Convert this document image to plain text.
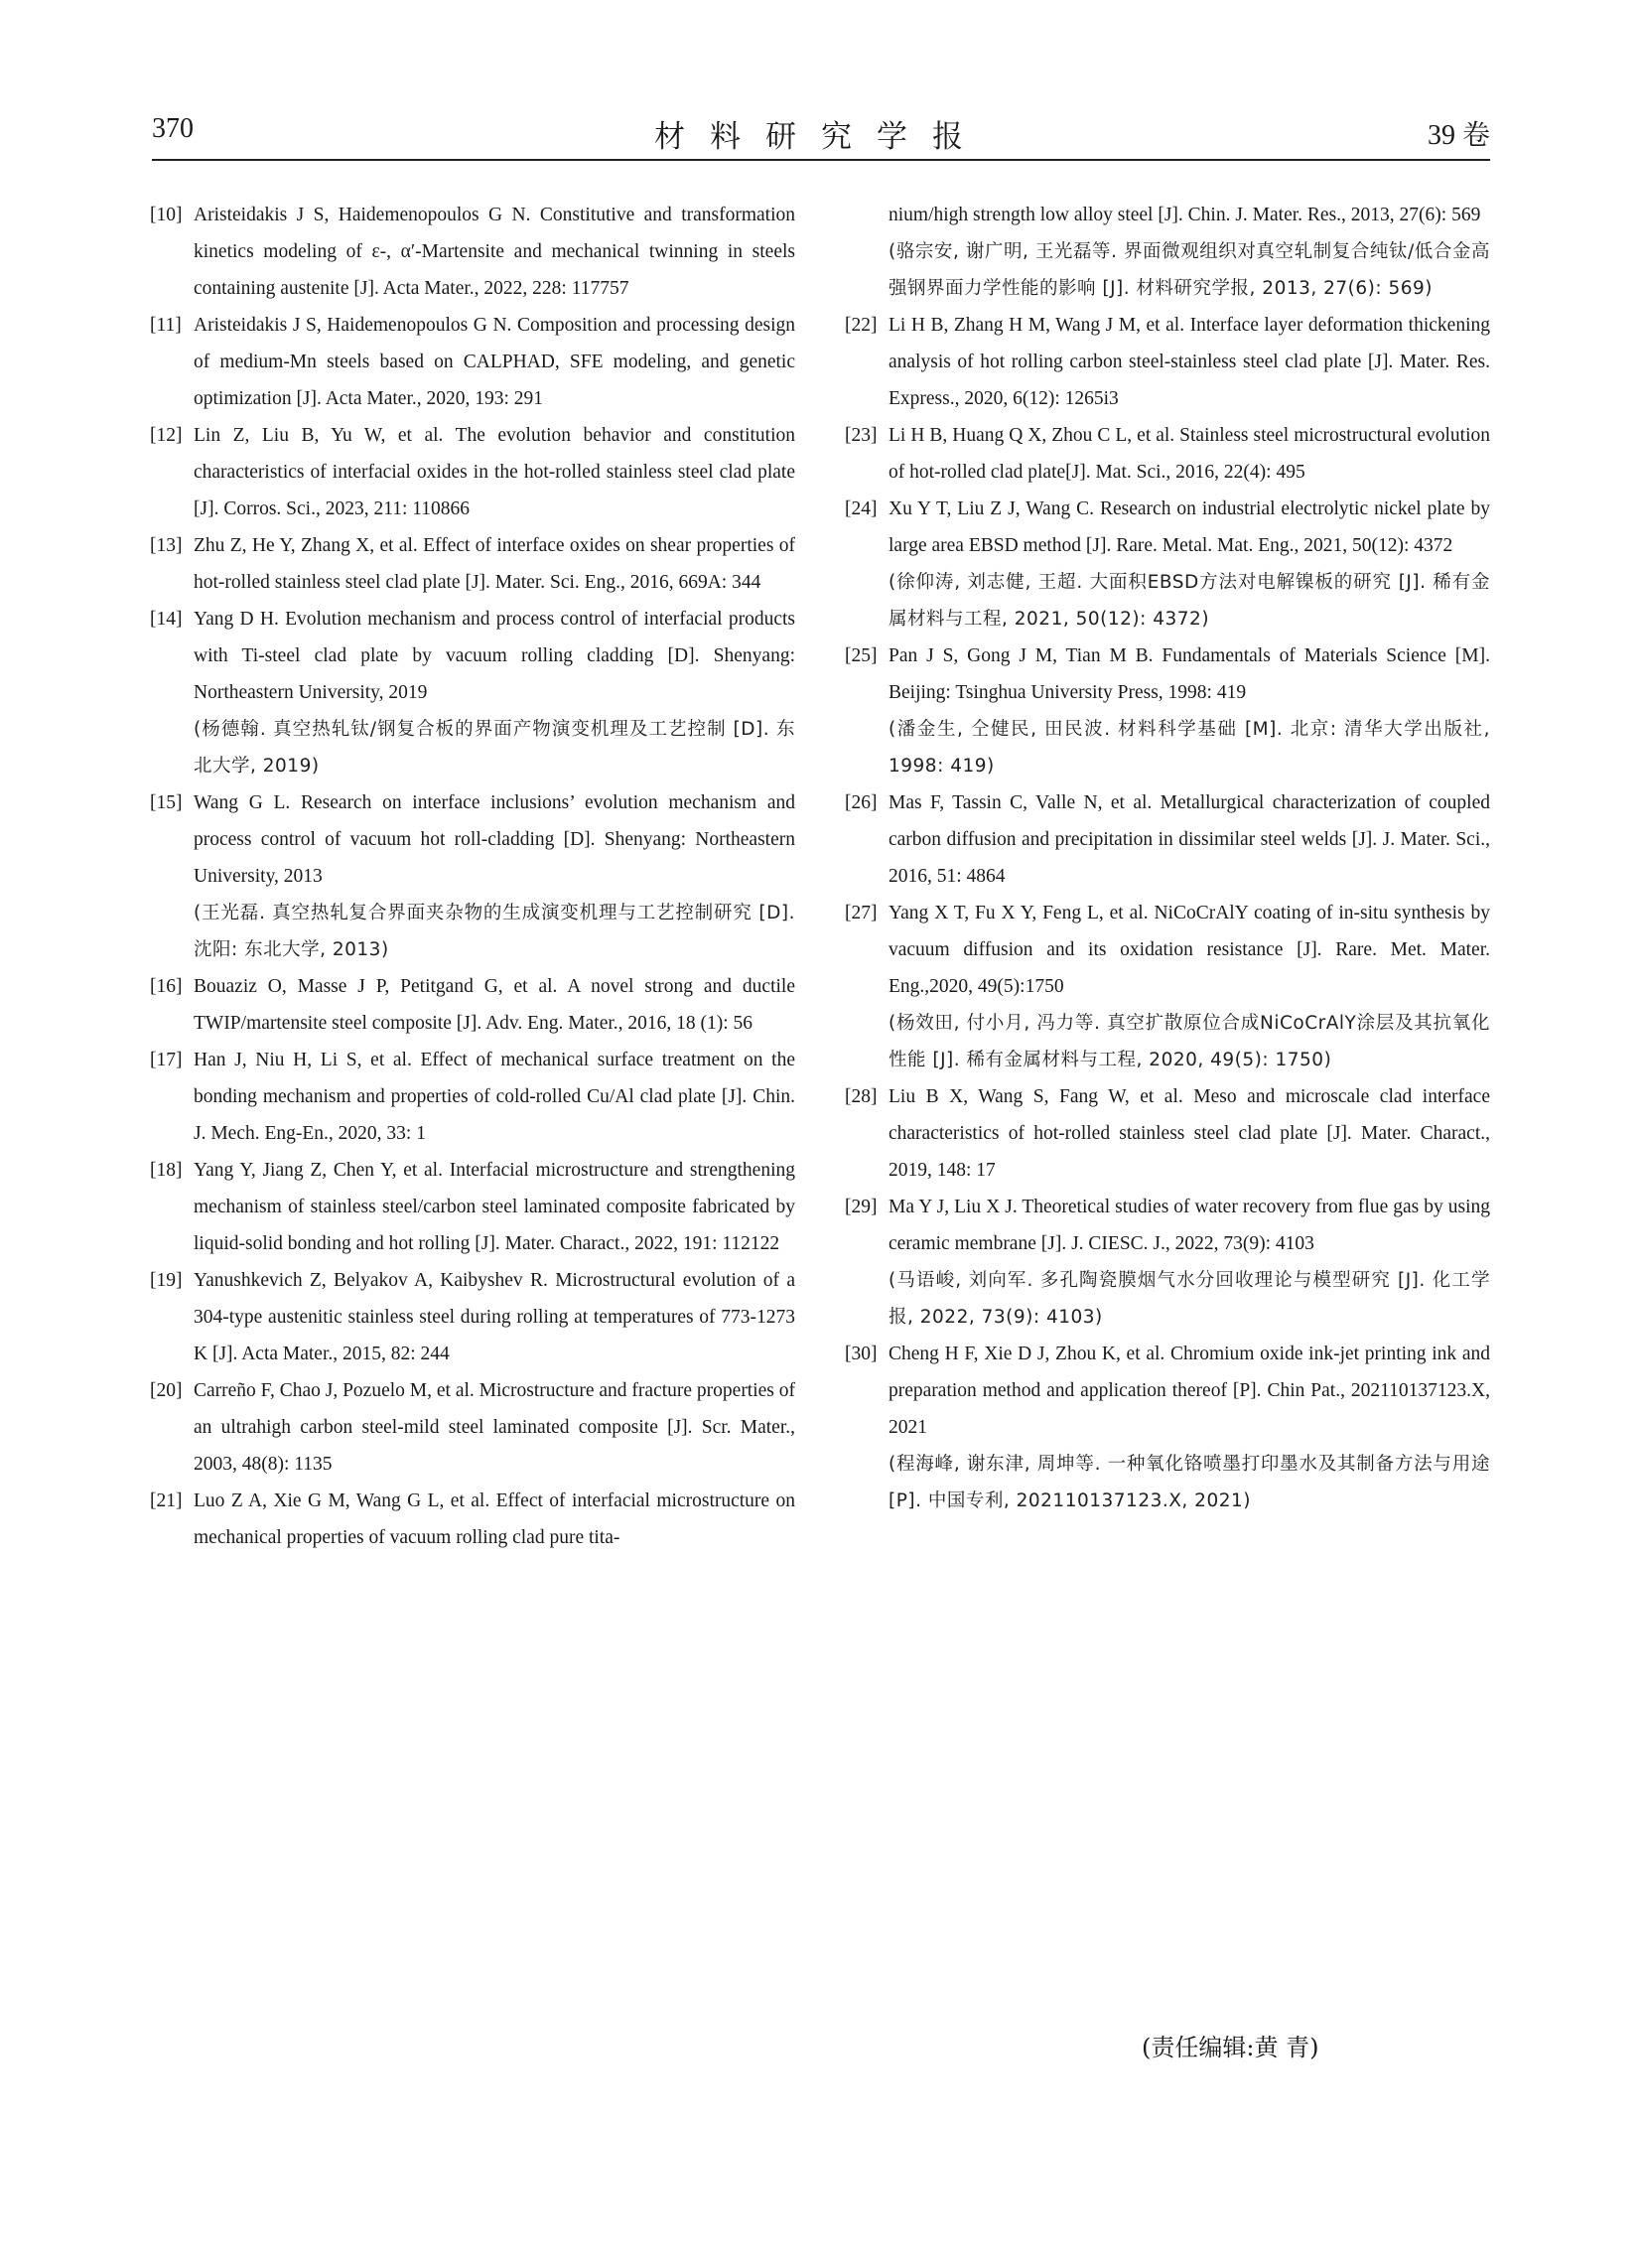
370	材料研究学报	39 卷
[10] Aristeidakis J S, Haidemenopoulos G N. Constitutive and transformation kinetics modeling of ε-, α′-Martensite and mechanical twinning in steels containing austenite [J]. Acta Mater., 2022, 228: 117757
[11] Aristeidakis J S, Haidemenopoulos G N. Composition and processing design of medium-Mn steels based on CALPHAD, SFE modeling, and genetic optimization [J]. Acta Mater., 2020, 193: 291
[12] Lin Z, Liu B, Yu W, et al. The evolution behavior and constitution characteristics of interfacial oxides in the hot-rolled stainless steel clad plate [J]. Corros. Sci., 2023, 211: 110866
[13] Zhu Z, He Y, Zhang X, et al. Effect of interface oxides on shear properties of hot-rolled stainless steel clad plate [J]. Mater. Sci. Eng., 2016, 669A: 344
[14] Yang D H. Evolution mechanism and process control of interfacial products with Ti-steel clad plate by vacuum rolling cladding [D]. Shenyang: Northeastern University, 2019
(杨德翰. 真空热轧钛/钢复合板的界面产物演变机理及工艺控制 [D]. 东北大学, 2019)
[15] Wang G L. Research on interface inclusions’ evolution mechanism and process control of vacuum hot roll-cladding [D]. Shenyang: Northeastern University, 2013
(王光磊. 真空热轧复合界面夹杂物的生成演变机理与工艺控制研究 [D]. 沈阳: 东北大学, 2013)
[16] Bouaziz O, Masse J P, Petitgand G, et al. A novel strong and ductile TWIP/martensite steel composite [J]. Adv. Eng. Mater., 2016, 18 (1): 56
[17] Han J, Niu H, Li S, et al. Effect of mechanical surface treatment on the bonding mechanism and properties of cold-rolled Cu/Al clad plate [J]. Chin. J. Mech. Eng-En., 2020, 33: 1
[18] Yang Y, Jiang Z, Chen Y, et al. Interfacial microstructure and strengthening mechanism of stainless steel/carbon steel laminated composite fabricated by liquid-solid bonding and hot rolling [J]. Mater. Charact., 2022, 191: 112122
[19] Yanushkevich Z, Belyakov A, Kaibyshev R. Microstructural evolution of a 304-type austenitic stainless steel during rolling at temperatures of 773-1273 K [J]. Acta Mater., 2015, 82: 244
[20] Carreño F, Chao J, Pozuelo M, et al. Microstructure and fracture properties of an ultrahigh carbon steel-mild steel laminated composite [J]. Scr. Mater., 2003, 48(8): 1135
[21] Luo Z A, Xie G M, Wang G L, et al. Effect of interfacial microstructure on mechanical properties of vacuum rolling clad pure tita-
nium/high strength low alloy steel [J]. Chin. J. Mater. Res., 2013, 27(6): 569
(骆宗安, 谢广明, 王光磊等. 界面微观组织对真空轧制复合纯钛/低合金高强钢界面力学性能的影响 [J]. 材料研究学报, 2013, 27(6): 569)
[22] Li H B, Zhang H M, Wang J M, et al. Interface layer deformation thickening analysis of hot rolling carbon steel-stainless steel clad plate [J]. Mater. Res. Express., 2020, 6(12): 1265i3
[23] Li H B, Huang Q X, Zhou C L, et al. Stainless steel microstructural evolution of hot-rolled clad plate[J]. Mat. Sci., 2016, 22(4): 495
[24] Xu Y T, Liu Z J, Wang C. Research on industrial electrolytic nickel plate by large area EBSD method [J]. Rare. Metal. Mat. Eng., 2021, 50(12): 4372
(徐仰涛, 刘志健, 王超. 大面积EBSD方法对电解镍板的研究 [J]. 稀有金属材料与工程, 2021, 50(12): 4372)
[25] Pan J S, Gong J M, Tian M B. Fundamentals of Materials Science [M]. Beijing: Tsinghua University Press, 1998: 419
(潘金生, 仝健民, 田民波. 材料科学基础 [M]. 北京: 清华大学出版社, 1998: 419)
[26] Mas F, Tassin C, Valle N, et al. Metallurgical characterization of coupled carbon diffusion and precipitation in dissimilar steel welds [J]. J. Mater. Sci., 2016, 51: 4864
[27] Yang X T, Fu X Y, Feng L, et al. NiCoCrAlY coating of in-situ synthesis by vacuum diffusion and its oxidation resistance [J]. Rare. Met. Mater. Eng.,2020, 49(5):1750
(杨效田, 付小月, 冯力等. 真空扩散原位合成NiCoCrAlY涂层及其抗氧化性能 [J]. 稀有金属材料与工程, 2020, 49(5): 1750)
[28] Liu B X, Wang S, Fang W, et al. Meso and microscale clad interface characteristics of hot-rolled stainless steel clad plate [J]. Mater. Charact., 2019, 148: 17
[29] Ma Y J, Liu X J. Theoretical studies of water recovery from flue gas by using ceramic membrane [J]. J. CIESC. J., 2022, 73(9): 4103
(马语峻, 刘向军. 多孔陶瓷膜烟气水分回收理论与模型研究 [J]. 化工学报, 2022, 73(9): 4103)
[30] Cheng H F, Xie D J, Zhou K, et al. Chromium oxide ink-jet printing ink and preparation method and application thereof [P]. Chin Pat., 202110137123.X, 2021
(程海峰, 谢东津, 周坤等. 一种氧化铬喷墨打印墨水及其制备方法与用途 [P]. 中国专利, 202110137123.X, 2021)
(责任编辑:黄 青)
